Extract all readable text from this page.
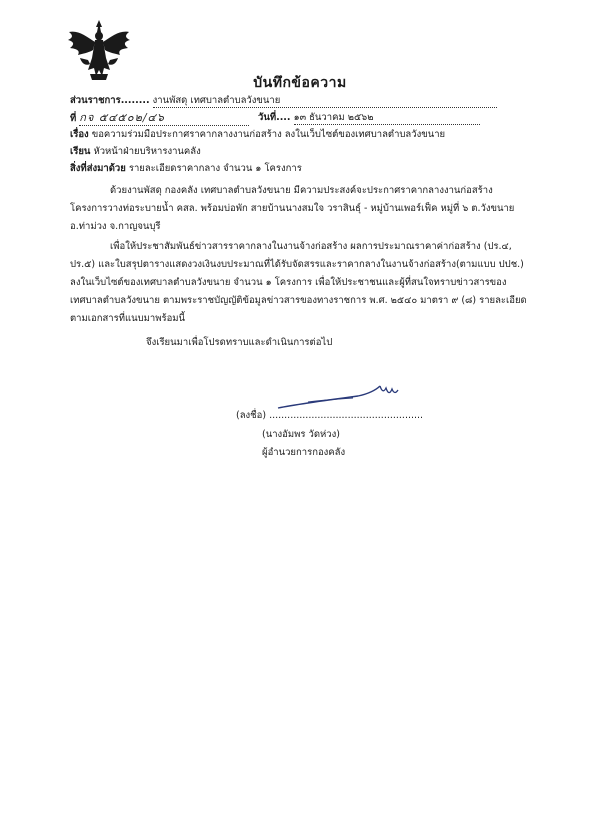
บันทึกข้อความ
ส่วนราชการ........ งานพัสดุ เทศบาลตำบลวังขนาย
ที่ กจ ๕๔๕๐๒/๔๖	วันที่.... ๑๓ ธันวาคม ๒๕๖๒
เรื่อง ขอความร่วมมือประกาศราคากลางงานก่อสร้าง ลงในเว็บไซต์ของเทศบาลตำบลวังขนาย
เรียน หัวหน้าฝ่ายบริหารงานคลัง
สิ่งที่ส่งมาด้วย รายละเอียดราคากลาง จำนวน ๑ โครงการ
ด้วยงานพัสดุ กองคลัง เทศบาลตำบลวังขนาย มีความประสงค์จะประกาศราคากลางงานก่อสร้าง โครงการวางท่อระบายน้ำ คสล. พร้อมบ่อพัก สายบ้านนางสมใจ วราสินธุ์ - หมู่บ้านเพอร์เฟ็ค หมู่ที่ ๖ ต.วังขนาย อ.ท่าม่วง จ.กาญจนบุรี
เพื่อให้ประชาสัมพันธ์ข่าวสารราคากลางในงานจ้างก่อสร้าง ผลการประมาณราคาค่าก่อสร้าง (ปร.๔, ปร.๕) และใบสรุปตารางแสดงวงเงินงบประมาณที่ได้รับจัดสรรและราคากลางในงานจ้างก่อสร้าง(ตามแบบ ปปช.) ลงในเว็บไซต์ของเทศบาลตำบลวังขนาย จำนวน ๑ โครงการ เพื่อให้ประชาชนและผู้ที่สนใจทราบข่าวสารของเทศบาลตำบลวังขนาย ตามพระราชบัญญัติข้อมูลข่าวสารของทางราชการ พ.ศ. ๒๕๔๐ มาตรา ๙ (๘) รายละเอียดตามเอกสารที่แนบมาพร้อมนี้
จึงเรียนมาเพื่อโปรดทราบและดำเนินการต่อไป
(ลงชื่อ) ...................................................
(นางอัมพร วัดห่วง)
ผู้อำนวยการกองคลัง
